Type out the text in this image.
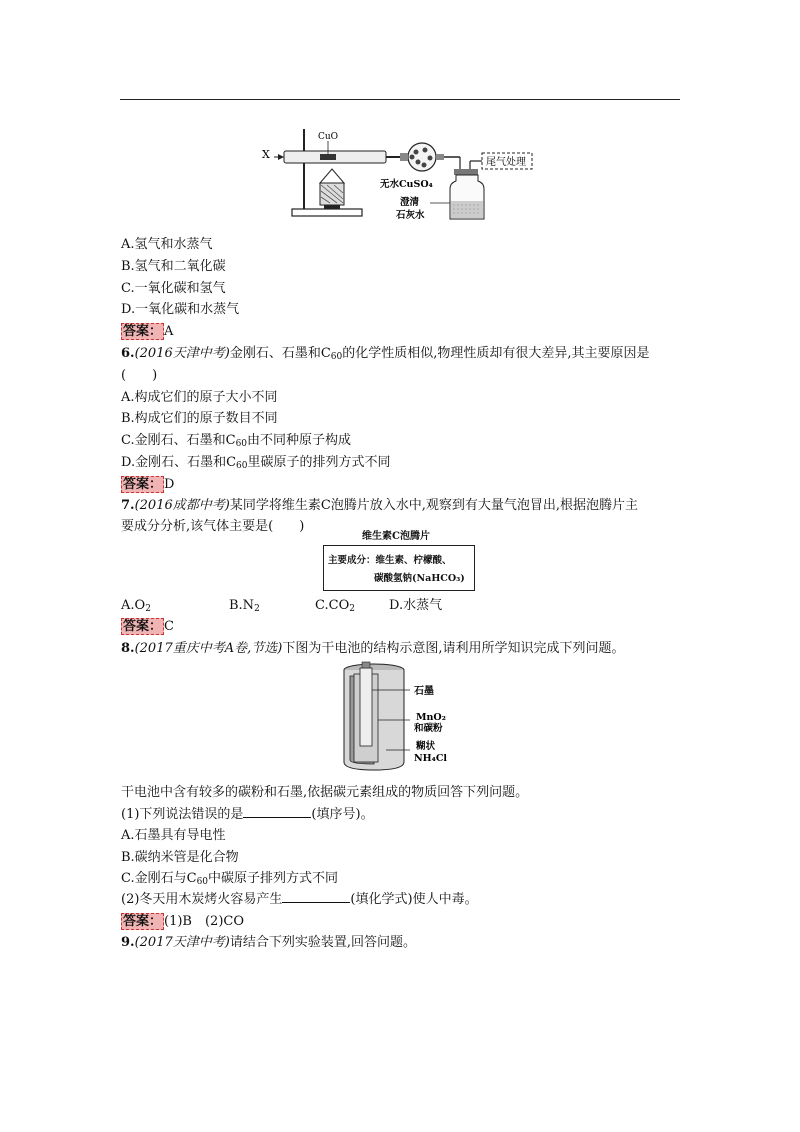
X
CuO
无水CuSO₄
尾气处理
澄清
石灰水
A.氢气和水蒸气
B.氢气和二氧化碳
C.一氧化碳和氢气
D.一氧化碳和水蒸气
答案： A
6.(2016天津中考)金刚石、石墨和$C_{60}$的化学性质相似,物理性质却有很大差异,其主要原因是
(　　)
A.构成它们的原子大小不同
B.构成它们的原子数目不同
C.金刚石、石墨和$C_{60}$由不同种原子构成
D.金刚石、石墨和$C_{60}$里碳原子的排列方式不同
答案： D
7.(2016成都中考)某同学将维生素C泡腾片放入水中,观察到有大量气泡冒出,根据泡腾片主
要成分分析,该气体主要是(　　)
维生素C泡腾片
主要成分：维生素、柠檬酸、
碳酸氢钠(NaHCO₃)
$A.O_2$	$B.N_2$	$C.CO_2$	D.水蒸气
答案： C
8.(2017重庆中考A卷,节选)下图为干电池的结构示意图,请利用所学知识完成下列问题。
石墨
MnO₂
和碳粉
糊状
NH₄Cl
干电池中含有较多的碳粉和石墨,依据碳元素组成的物质回答下列问题。
(1)下列说法错误的是	(填序号)。
A.石墨具有导电性
B.碳纳米管是化合物
C.金刚石与$C_{60}$中碳原子排列方式不同
(2)冬天用木炭烤火容易产生	(填化学式)使人中毒。
答案： (1)B　(2)CO
9.(2017天津中考)请结合下列实验装置,回答问题。
